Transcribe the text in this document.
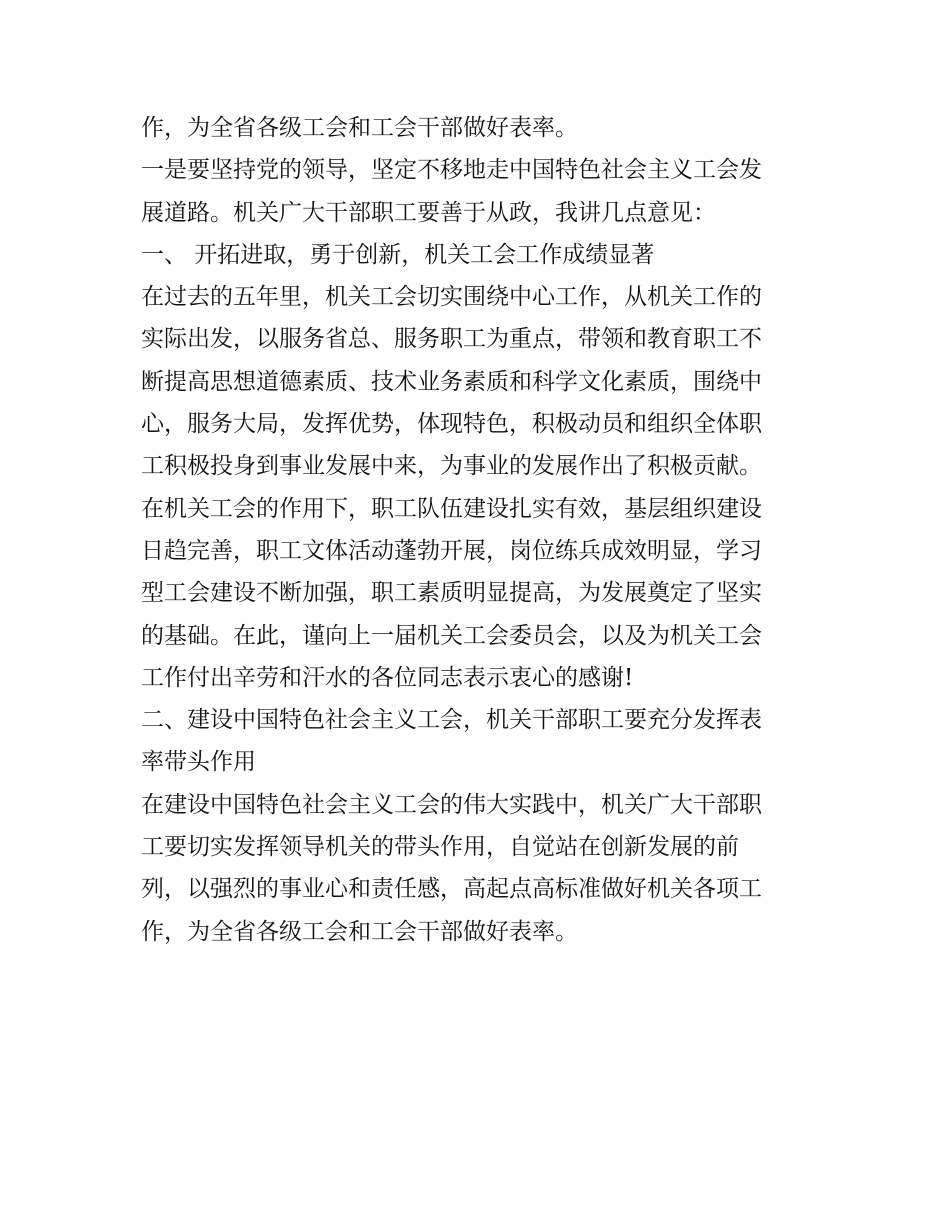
作，为全省各级工会和工会干部做好表率。
一是要坚持党的领导，坚定不移地走中国特色社会主义工会发
展道路。机关广大干部职工要善于从政，我讲几点意见：
一、 开拓进取，勇于创新，机关工会工作成绩显著
在过去的五年里，机关工会切实围绕中心工作，从机关工作的
实际出发，以服务省总、服务职工为重点，带领和教育职工不
断提高思想道德素质、技术业务素质和科学文化素质，围绕中
心，服务大局，发挥优势，体现特色，积极动员和组织全体职
工积极投身到事业发展中来，为事业的发展作出了积极贡献。
在机关工会的作用下，职工队伍建设扎实有效，基层组织建设
日趋完善，职工文体活动蓬勃开展，岗位练兵成效明显，学习
型工会建设不断加强，职工素质明显提高，为发展奠定了坚实
的基础。在此，谨向上一届机关工会委员会，以及为机关工会
工作付出辛劳和汗水的各位同志表示衷心的感谢!
二、建设中国特色社会主义工会，机关干部职工要充分发挥表
率带头作用
在建设中国特色社会主义工会的伟大实践中，机关广大干部职
工要切实发挥领导机关的带头作用，自觉站在创新发展的前
列，以强烈的事业心和责任感，高起点高标准做好机关各项工
作，为全省各级工会和工会干部做好表率。
